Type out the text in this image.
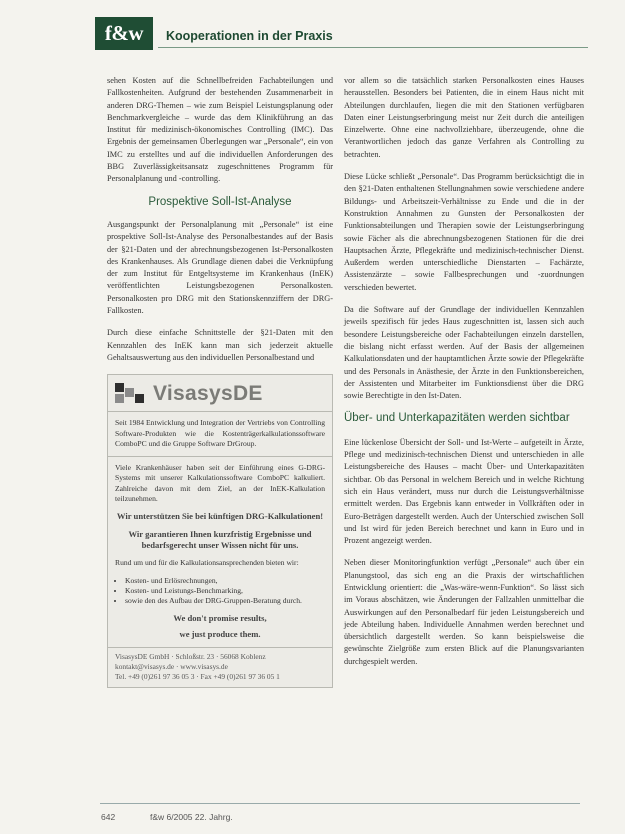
f&w	Kooperationen in der Praxis

sehen Kosten auf die Schnellbefreiden Fachabteilungen und Fallkostenheiten. Aufgrund der bestehenden Zusammenarbeit in anderen DRG-Themen – wie zum Beispiel Leistungsplanung oder Benchmarkvergleiche – wurde das dem Klinikführung an das Institut für medizinisch-ökonomisches Controlling (IMC). Das Ergebnis der gemeinsamen Überlegungen war „Personale“, ein von IMC zu erstelltes und auf die individuellen Anforderungen des BBG Zuverlässigkeitsansatz zugeschnittenes Programm für Personalplanung und -controlling.

Prospektive Soll-Ist-Analyse

Ausgangspunkt der Personalplanung mit „Personale“ ist eine prospektive Soll-Ist-Analyse des Personalbestandes auf der Basis der §21-Daten und der abrechnungsbezogenen Ist-Personalkosten des Krankenhauses. Als Grundlage dienen dabei die Verknüpfung der zum Institut für Entgeltsysteme im Krankenhaus (InEK) veröffentlichten Leistungsbezogenen Personalkosten. Personalkosten pro DRG mit den Stationskennziffern der DRG-Fallkosten.

Durch diese einfache Schnittstelle der §21-Daten mit den Kennzahlen des InEK kann man sich jederzeit aktuelle Gehaltsauswertung aus den individuellen Personalbestand und

VisasysDE

Seit 1984 Entwicklung und Integration der Vertriebs von Controlling Software-Produkten wie die Kostenträgerkalkulationssoftware ComboPC und die Gruppe Software DrGroup.

Viele Krankenhäuser haben seit der Einführung eines G-DRG-Systems mit unserer Kalkulationssoftware ComboPC kalkuliert. Zahlreiche davon mit dem Ziel, an der InEK-Kalkulation teilzunehmen.

Wir unterstützen Sie bei künftigen DRG-Kalkulationen!
Wir garantieren Ihnen kurzfristig Ergebnisse und bedarfsgerecht unser Wissen nicht für uns.

Rund um und für die Kalkulationsansprechenden bieten wir:

• Kosten- und Erlösrechnungen,
• Kosten- und Leistungs-Benchmarking,
• sowie den des Aufbau der DRG-Gruppen-Beratung durch.
We don't promise results,
we just produce them.
VisasysDE GmbH · Schloßstr. 23 · 56068 Koblenz
kontakt@visasys.de · www.visasys.de
Tel. +49 (0)261 97 36 05 3 · Fax +49 (0)261 97 36 05 1

vor allem so die tatsächlich starken Personalkosten eines Hauses herausstellen. Besonders bei Patienten, die in einem Haus nicht mit Abteilungen durchlaufen, liegen die mit den Stationen verfügbaren Daten einer Leistungserbringung meist nur Zeit durch die anteiligen Einzelwerte. Ohne eine nachvollziehbare, überzeugende, ohne die Verantwortlichen jedoch das ganze Verfahren als Controlling zu betrachten.

Diese Lücke schließt „Personale“. Das Programm berücksichtigt die in den §21-Daten enthaltenen Stellungnahmen sowie verschiedene andere Bildungs- und Arbeitszeit-Verhältnisse zu Ende und die in der Konstruktion Annahmen zu Gunsten der Personalkosten der Funktionsabteilungen und Therapien sowie der Leistungserbringung sowie Fächer als die abrechnungsbezogenen Stationen für die drei Hauptsachen Ärzte, Pflegekräfte und medizinisch-technischer Dienst. Außerdem werden unterschiedliche Dienstarten – Fachärzte, Assistenzärzte – sowie Fallbesprechungen und -zuordnungen verschieden bewertet.

Da die Software auf der Grundlage der individuellen Kennzahlen jeweils spezifisch für jedes Haus zugeschnitten ist, lassen sich auch besondere Leistungsbereiche oder Fachabteilungen einzeln darstellen, die bislang nicht erfasst werden. Auf der Basis der allgemeinen Kalkulationsdaten und der hauptamtlichen Ärzte sowie der Pflegekräfte und des Personals in Anästhesie, der Ärzte in den Funktionsbereichen, der Assistenten und Mitarbeiter im Funktionsdienst über die DRG sowie Berechtigte in den Ist-Daten.

Über- und Unterkapazitäten werden sichtbar

Eine lückenlose Übersicht der Soll- und Ist-Werte – aufgeteilt in Ärzte, Pflege und medizinisch-technischen Dienst und unterschieden in alle Leistungsbereiche des Hauses – macht Über- und Unterkapazitäten sichtbar. Ob das Personal in welchem Bereich und in welche Richtung sich ein Haus verändert, muss nur durch die Leistungsverhältnisse ermittelt werden. Das Ergebnis kann entweder in Vollkräften oder in Euro-Beträgen dargestellt werden. Auch der Unterschied zwischen Soll und Ist wird für jeden Bereich berechnet und kann in Euro und in Prozent angezeigt werden.

Neben dieser Monitoringfunktion verfügt „Personale“ auch über ein Planungstool, das sich eng an die Praxis der wirtschaftlichen Entwicklung orientiert: die „Was-wäre-wenn-Funktion“. So lässt sich im Voraus abschätzen, wie Änderungen der Fallzahlen unmittelbar die Auswirkungen auf den Personalbedarf für jeden Leistungsbereich und jede Abteilung haben. Individuelle Annahmen werden berechnet und übersichtlich dargestellt werden. So kann beispielsweise die gewünschte Zielgröße zum ersten Blick auf die Planungsvarianten durchgespielt werden.

642	f&w 6/2005 22. Jahrg.
